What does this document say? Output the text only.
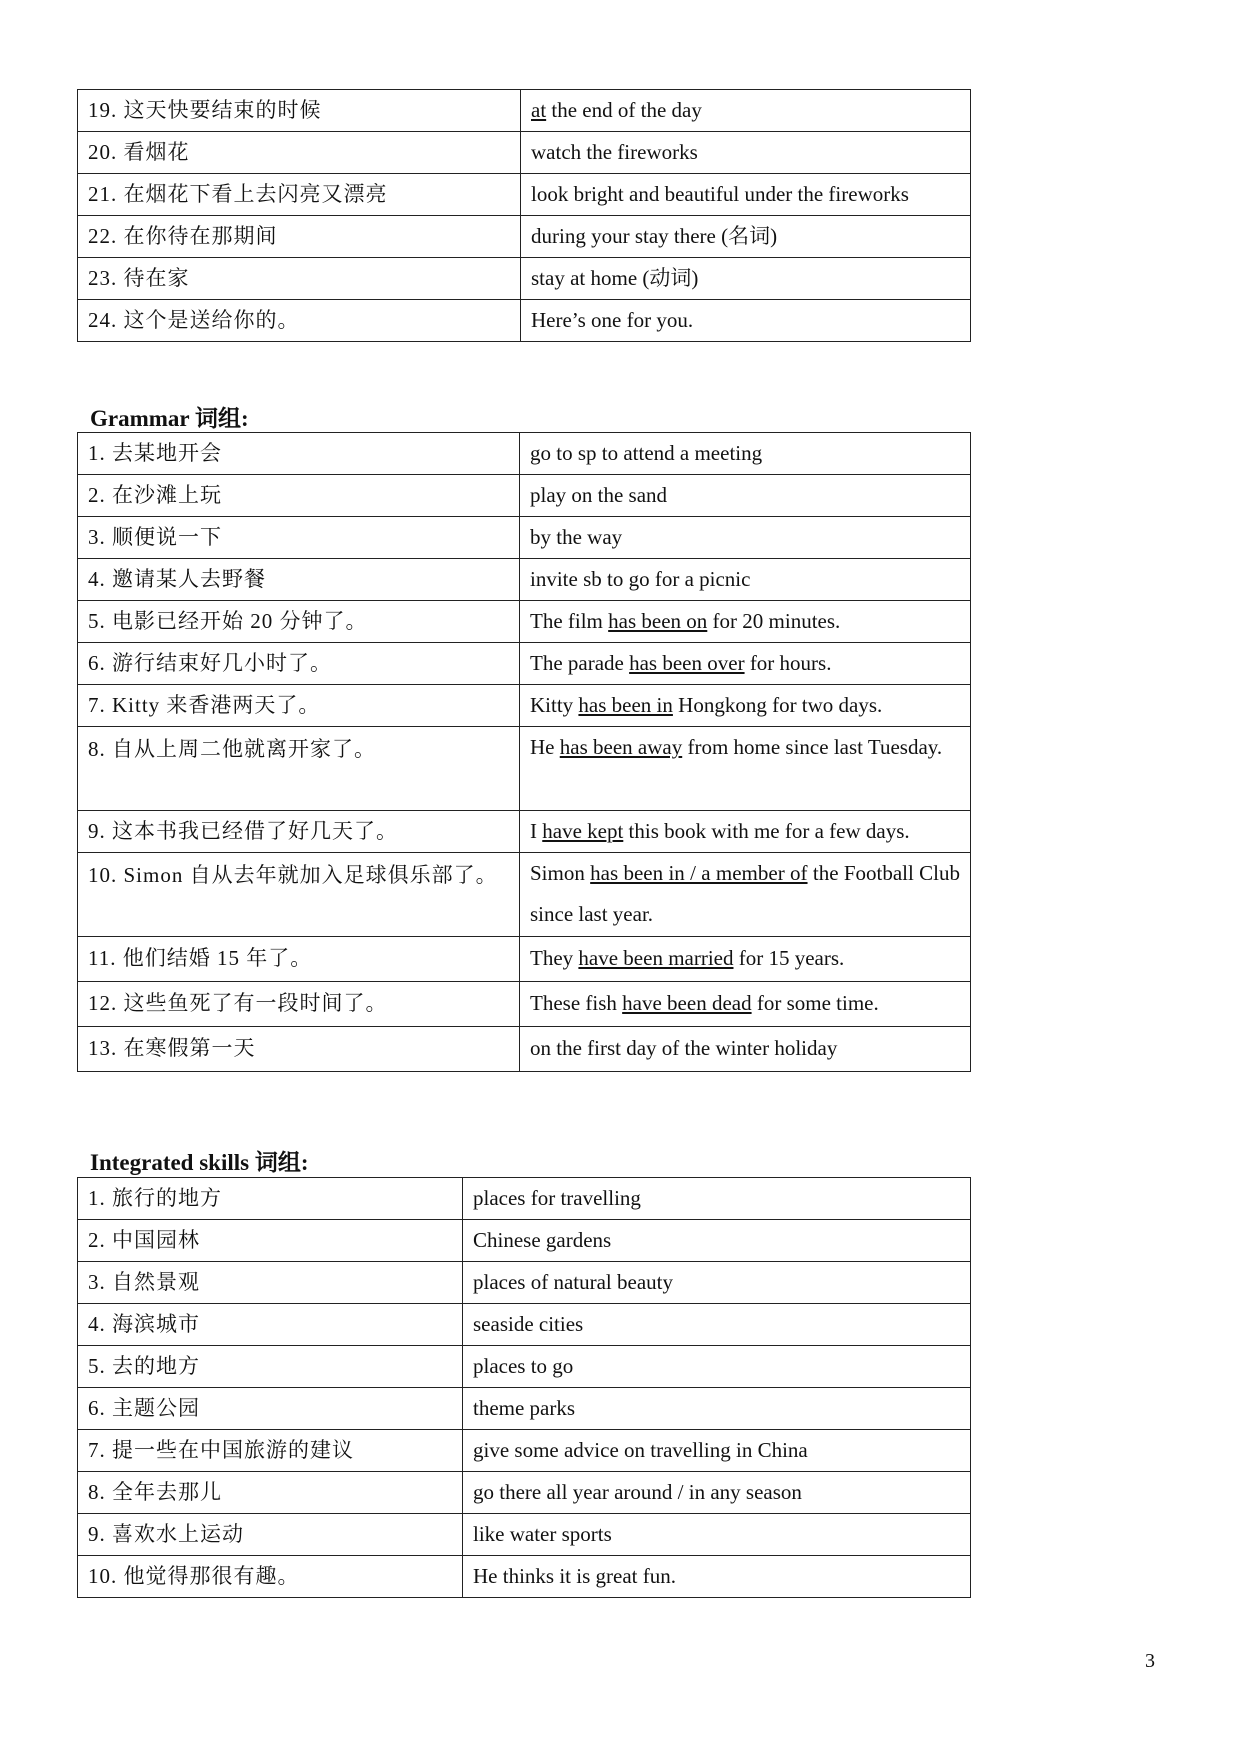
19. 这天快要结束的时候	at the end of the day
20. 看烟花	watch the fireworks
21. 在烟花下看上去闪亮又漂亮	look bright and beautiful under the fireworks
22. 在你待在那期间	during your stay there (名词)
23. 待在家	stay at home (动词)
24. 这个是送给你的。	Here’s one for you.
Grammar 词组:
1. 去某地开会	go to sp to attend a meeting
2. 在沙滩上玩	play on the sand
3. 顺便说一下	by the way
4. 邀请某人去野餐	invite sb to go for a picnic
5. 电影已经开始 20 分钟了。	The film has been on for 20 minutes.
6. 游行结束好几小时了。	The parade has been over for hours.
7. Kitty 来香港两天了。	Kitty has been in Hongkong for two days.
8. 自从上周二他就离开家了。	He has been away from home since last Tuesday.
9. 这本书我已经借了好几天了。	I have kept this book with me for a few days.
10. Simon 自从去年就加入足球俱乐部了。	Simon has been in / a member of the Football Club since last year.
11. 他们结婚 15 年了。	They have been married for 15 years.
12. 这些鱼死了有一段时间了。	These fish have been dead for some time.
13. 在寒假第一天	on the first day of the winter holiday
Integrated skills 词组:
1. 旅行的地方	places for travelling
2. 中国园林	Chinese gardens
3. 自然景观	places of natural beauty
4. 海滨城市	seaside cities
5. 去的地方	places to go
6. 主题公园	theme parks
7. 提一些在中国旅游的建议	give some advice on travelling in China
8. 全年去那儿	go there all year around / in any season
9. 喜欢水上运动	like water sports
10. 他觉得那很有趣。	He thinks it is great fun.
3
